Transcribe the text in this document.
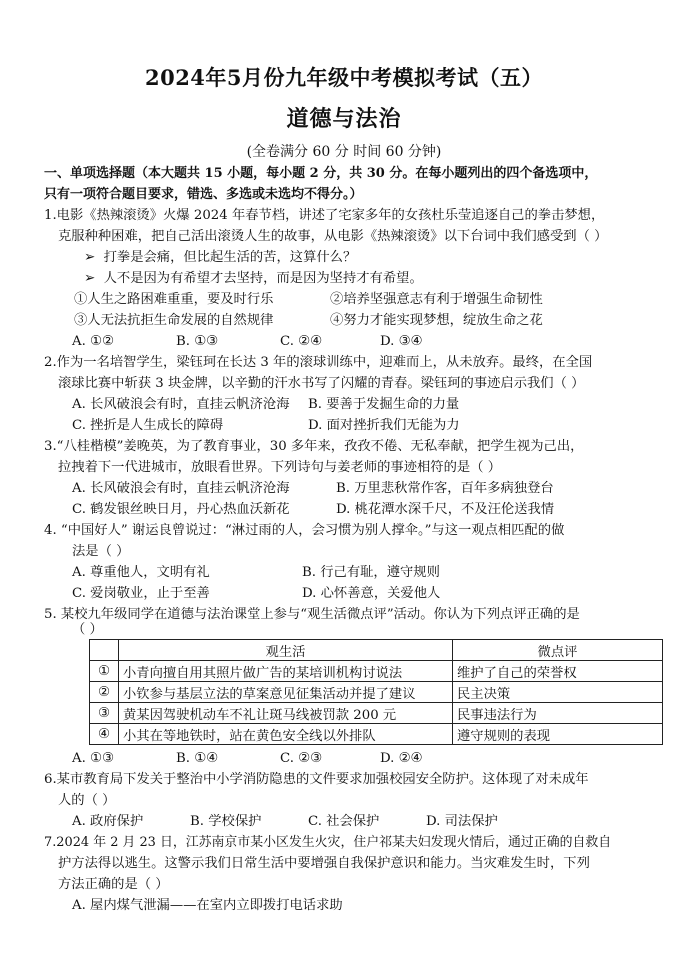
2024年5月份九年级中考模拟考试（五）
道德与法治
(全卷满分 60 分 时间 60 分钟)
一、单项选择题（本大题共 15 小题，每小题 2 分，共 30 分。在每小题列出的四个备选项中，
只有一项符合题目要求，错选、多选或未选均不得分。）
1.电影《热辣滚烫》火爆 2024 年春节档，讲述了宅家多年的女孩杜乐莹追逐自己的拳击梦想，
克服种种困难，把自己活出滚烫人生的故事，从电影《热辣滚烫》以下台词中我们感受到（ ）
➢ 打拳是会痛，但比起生活的苦，这算什么？
➢ 人不是因为有希望才去坚持，而是因为坚持才有希望。
①人生之路困难重重，要及时行乐	②培养坚强意志有利于增强生命韧性
③人无法抗拒生命发展的自然规律	④努力才能实现梦想，绽放生命之花
A. ①②	B. ①③	C. ②④	D. ③④
2.作为一名培智学生，梁钰珂在长达 3 年的滚球训练中，迎难而上，从未放弃。最终，在全国
滚球比赛中斩获 3 块金牌，以辛勤的汗水书写了闪耀的青春。梁钰珂的事迹启示我们（ ）
A. 长风破浪会有时，直挂云帆济沧海 B. 要善于发掘生命的力量
C. 挫折是人生成长的障碍	D. 面对挫折我们无能为力
3.“八桂楷模”姜晚英，为了教育事业，30 多年来，孜孜不倦、无私奉献，把学生视为己出，
拉拽着下一代进城市，放眼看世界。下列诗句与姜老师的事迹相符的是（ ）
A. 长风破浪会有时，直挂云帆济沧海	B. 万里悲秋常作客，百年多病独登台
C. 鹤发银丝映日月，丹心热血沃新花	D. 桃花潭水深千尺，不及汪伦送我情
4. “中国好人” 谢运良曾说过：“淋过雨的人，会习惯为别人撑伞。”与这一观点相匹配的做
法是（ ）
A. 尊重他人，文明有礼	B. 行己有耻，遵守规则
C. 爱岗敬业，止于至善	D. 心怀善意，关爱他人
5. 某校九年级同学在道德与法治课堂上参与“观生活微点评”活动。你认为下列点评正确的是
（ ）
	观生活	微点评
①	小青向擅自用其照片做广告的某培训机构讨说法	维护了自己的荣誉权
②	小钦参与基层立法的草案意见征集活动并提了建议	民主决策
③	黄某因驾驶机动车不礼让斑马线被罚款 200 元	民事违法行为
④	小其在等地铁时，站在黄色安全线以外排队	遵守规则的表现
A. ①③	B. ①④	C. ②③	D. ②④
6.某市教育局下发关于整治中小学消防隐患的文件要求加强校园安全防护。这体现了对未成年
人的（ ）
A. 政府保护	B. 学校保护	C. 社会保护	D. 司法保护
7.2024 年 2 月 23 日，江苏南京市某小区发生火灾，住户祁某夫妇发现火情后，通过正确的自救自
护方法得以逃生。这警示我们日常生活中要增强自我保护意识和能力。当灾难发生时，下列
方法正确的是（ ）
A. 屋内煤气泄漏——在室内立即拨打电话求助
